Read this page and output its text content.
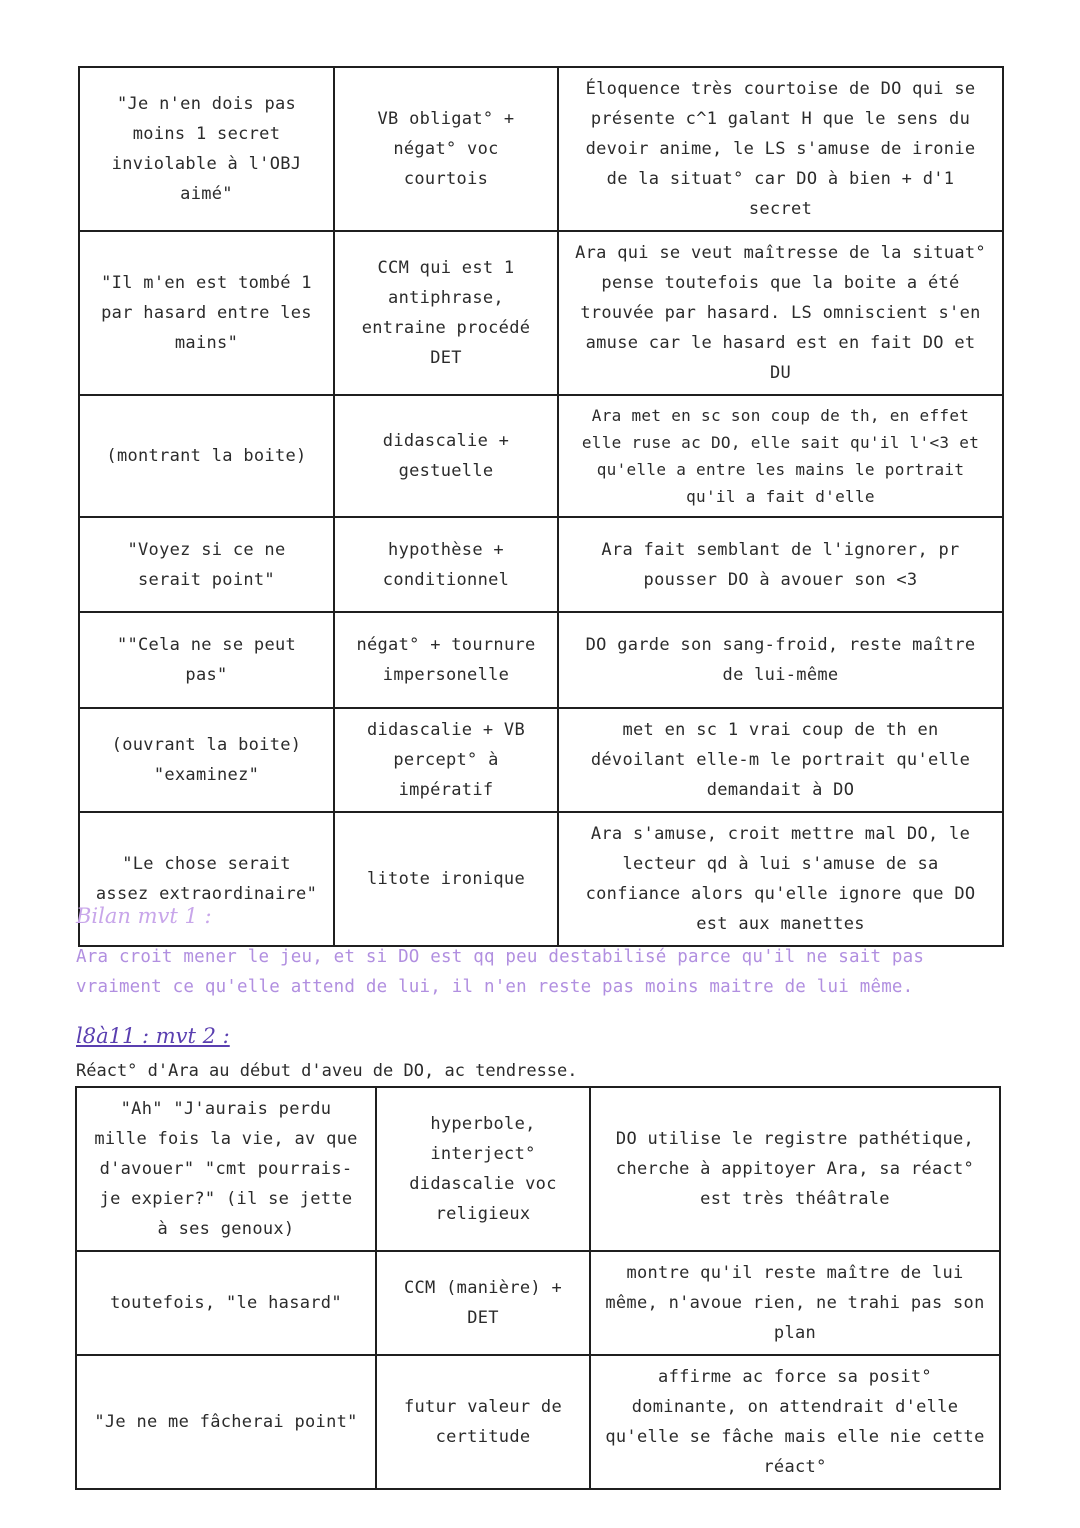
"Je n'en dois pas moins 1 secret inviolable à l'OBJ aimé"	VB obligat° + négat° voc courtois	Éloquence très courtoise de DO qui se présente c^1 galant H que le sens du devoir anime, le LS s'amuse de ironie de la situat° car DO à bien + d'1 secret
"Il m'en est tombé 1 par hasard entre les mains"	CCM qui est 1 antiphrase, entraine procédé DET	Ara qui se veut maîtresse de la situat° pense toutefois que la boite a été trouvée par hasard. LS omniscient s'en amuse car le hasard est en fait DO et DU
(montrant la boite)	didascalie + gestuelle	Ara met en sc son coup de th, en effet elle ruse ac DO, elle sait qu'il l'<3 et qu'elle a entre les mains le portrait qu'il a fait d'elle
"Voyez si ce ne serait point"	hypothèse + conditionnel	Ara fait semblant de l'ignorer, pr pousser DO à avouer son <3
""Cela ne se peut pas"	négat° + tournure impersonelle	DO garde son sang-froid, reste maître de lui-même
(ouvrant la boite) "examinez"	didascalie + VB percept° à impératif	met en sc 1 vrai coup de th en dévoilant elle-m le portrait qu'elle demandait à DO
"Le chose serait assez extraordinaire"	litote ironique	Ara s'amuse, croit mettre mal DO, le lecteur qd à lui s'amuse de sa confiance alors qu'elle ignore que DO est aux manettes
Bilan mvt 1 :
Ara croit mener le jeu, et si DO est qq peu destabilisé parce qu'il ne sait pas vraiment ce qu'elle attend de lui, il n'en reste pas moins maitre de lui même.
l8à11 : mvt 2 :
Réact° d'Ara au début d'aveu de DO, ac tendresse.
"Ah" "J'aurais perdu mille fois la vie, av que d'avouer" "cmt pourrais-je expier?" (il se jette à ses genoux)	hyperbole, interject° didascalie voc religieux	DO utilise le registre pathétique, cherche à appitoyer Ara, sa réact° est très théâtrale
toutefois, "le hasard"	CCM (manière) + DET	montre qu'il reste maître de lui même, n'avoue rien, ne trahi pas son plan
"Je ne me fâcherai point"	futur valeur de certitude	affirme ac force sa posit° dominante, on attendrait d'elle qu'elle se fâche mais elle nie cette réact°
